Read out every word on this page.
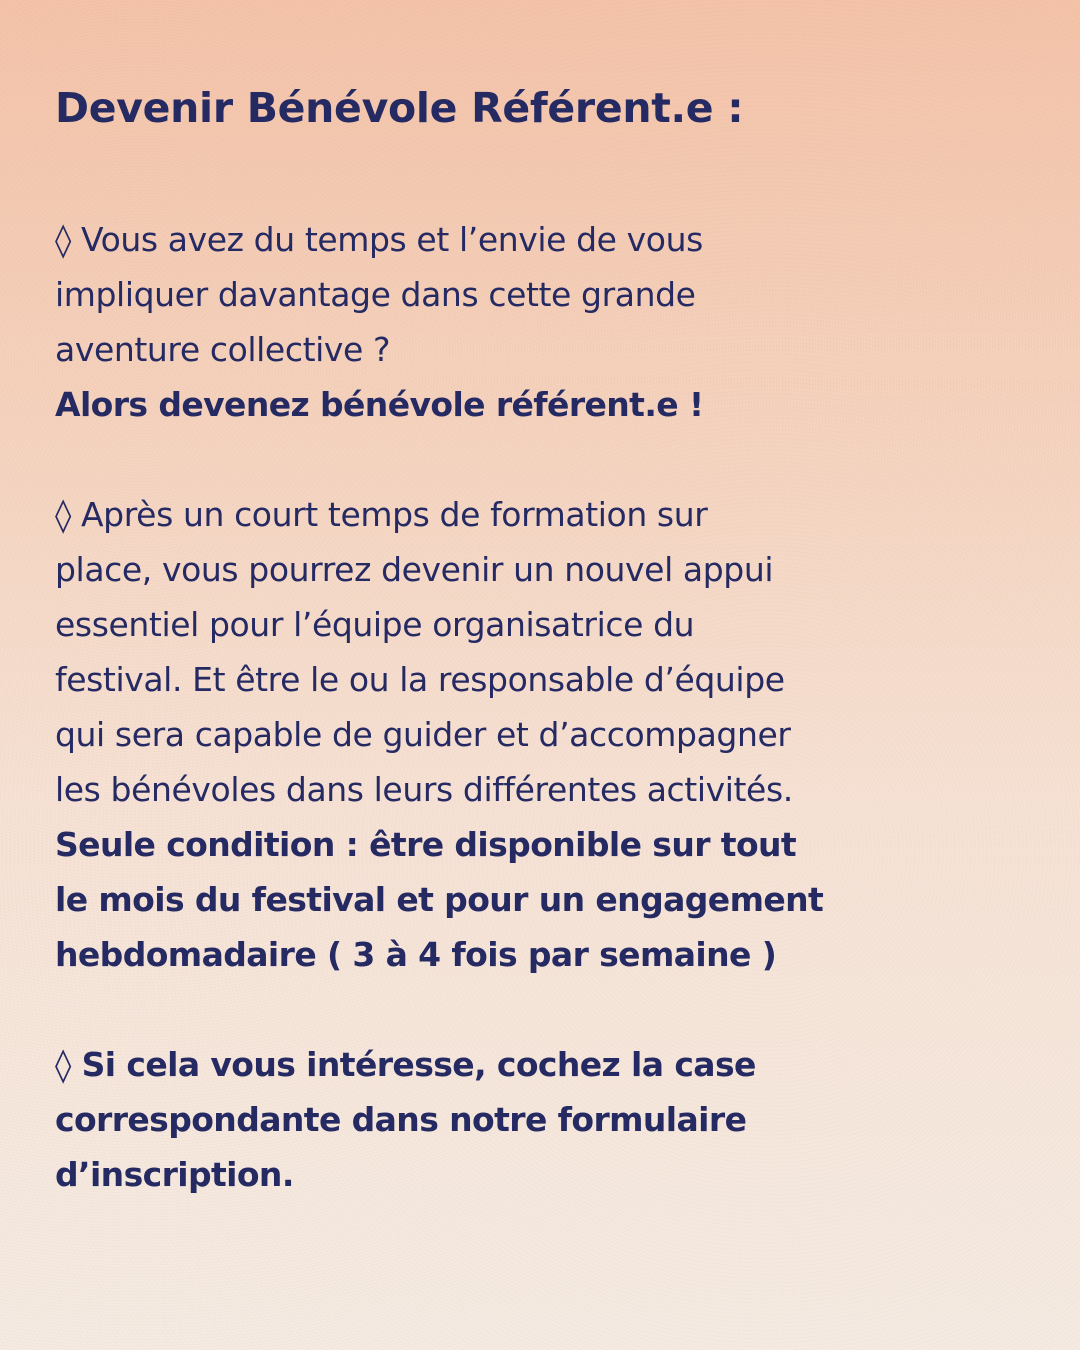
Devenir Bénévole Référent.e :
◊ Vous avez du temps et l’envie de vous
impliquer davantage dans cette grande
aventure collective ?
Alors devenez bénévole référent.e !
◊ Après un court temps de formation sur
place, vous pourrez devenir un nouvel appui
essentiel pour l’équipe organisatrice du
festival. Et être le ou la responsable d’équipe
qui sera capable de guider et d’accompagner
les bénévoles dans leurs différentes activités.
Seule condition : être disponible sur tout
le mois du festival et pour un engagement
hebdomadaire ( 3 à 4 fois par semaine )
◊ Si cela vous intéresse, cochez la case
correspondante dans notre formulaire
d’inscription.
